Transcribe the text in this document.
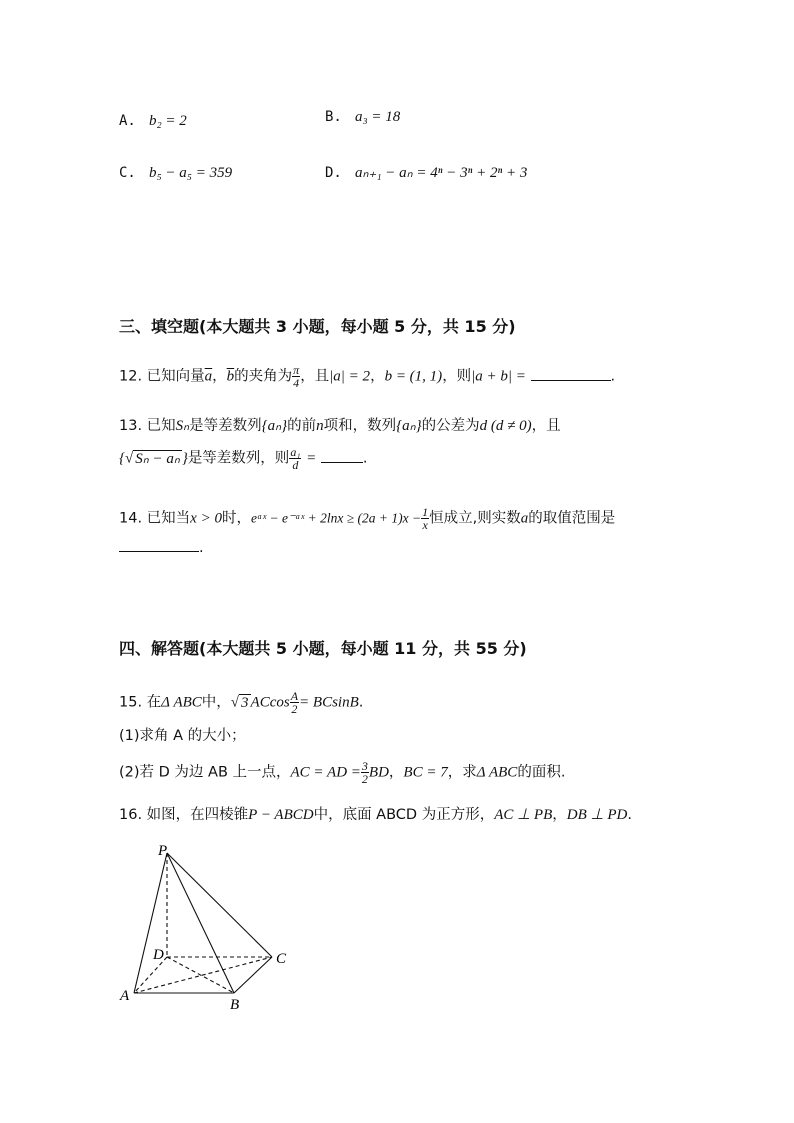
A. b₂ = 2	B. a₃ = 18
C. b₅ − a₅ = 359	D. aₙ₊₁ − aₙ = 4ⁿ − 3ⁿ + 2ⁿ + 3
三、填空题(本大题共 3 小题，每小题 5 分，共 15 分)
12. 已知向量$\overline{a}$，$\overline{b}$的夹角为 $\frac{\pi}{4}$ ，且|a| = 2，b = (1, 1)，则|a + b| =	.
13. 已知Sₙ是等差数列{aₙ}的前n项和，数列{aₙ}的公差为d (d ≠ 0)，且
{√ Sₙ − aₙ }是等差数列，则 $\frac{\text{a₁}}{d}$ =	.
14. 已知当x > 0时，eᵃˣ − e⁻ᵃˣ + $2\ln x \ge (2a + 1)x - \frac{1}{x}$ 恒成立,则实数a的取值范围是
.
四、解答题(本大题共 5 小题，每小题 11 分，共 55 分)
15. 在Δ ABC中，√ 3 ACcos $\frac{A}{2} = BCsinB$.
(1)求角 A 的大小；
(2)若 D 为边 AB 上一点，AC = AD = $\frac{3}{2}$ BD，BC = 7，求Δ ABC的面积.
16. 如图，在四棱锥P − ABCD中，底面 ABCD 为正方形，AC ⊥ PB，DB ⊥ PD.
P
D	C
A
B
